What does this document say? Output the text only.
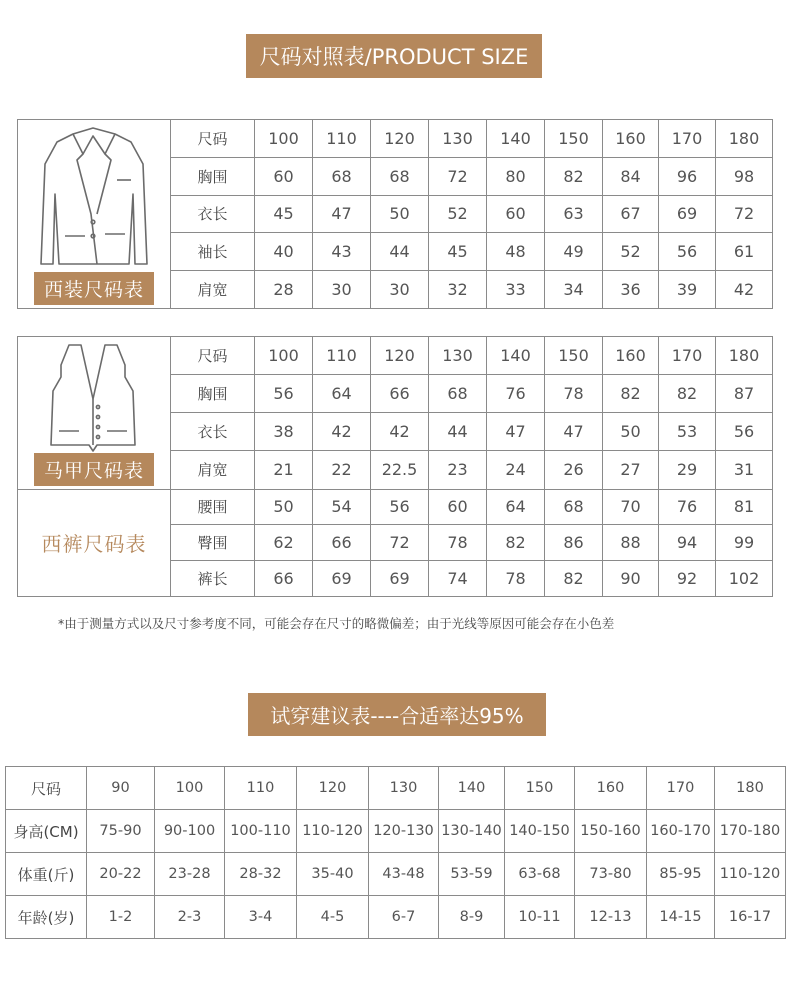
尺码对照表/PRODUCT SIZE
西装尺码表	尺码	100	110	120	130	140	150	160	170	180
	胸围	60	68	68	72	80	82	84	96	98
	衣长	45	47	50	52	60	63	67	69	72
	袖长	40	43	44	45	48	49	52	56	61
	肩宽	28	30	30	32	33	34	36	39	42
马甲尺码表	尺码	100	110	120	130	140	150	160	170	180
	胸围	56	64	66	68	76	78	82	82	87
	衣长	38	42	42	44	47	47	50	53	56
	肩宽	21	22	22.5	23	24	26	27	29	31

西裤尺码表	腰围	50	54	56	60	64	68	70	76	81
	臀围	62	66	72	78	82	86	88	94	99
	裤长	66	69	69	74	78	82	90	92	102
*由于测量方式以及尺寸参考度不同，可能会存在尺寸的略微偏差；由于光线等原因可能会存在小色差
试穿建议表----合适率达95%
尺码	90	100	110	120	130	140	150	160	170	180
身高(CM)	75-90	90-100	100-110	110-120	120-130	130-140	140-150	150-160	160-170	170-180
体重(斤)	20-22	23-28	28-32	35-40	43-48	53-59	63-68	73-80	85-95	110-120
年龄(岁)	1-2	2-3	3-4	4-5	6-7	8-9	10-11	12-13	14-15	16-17
